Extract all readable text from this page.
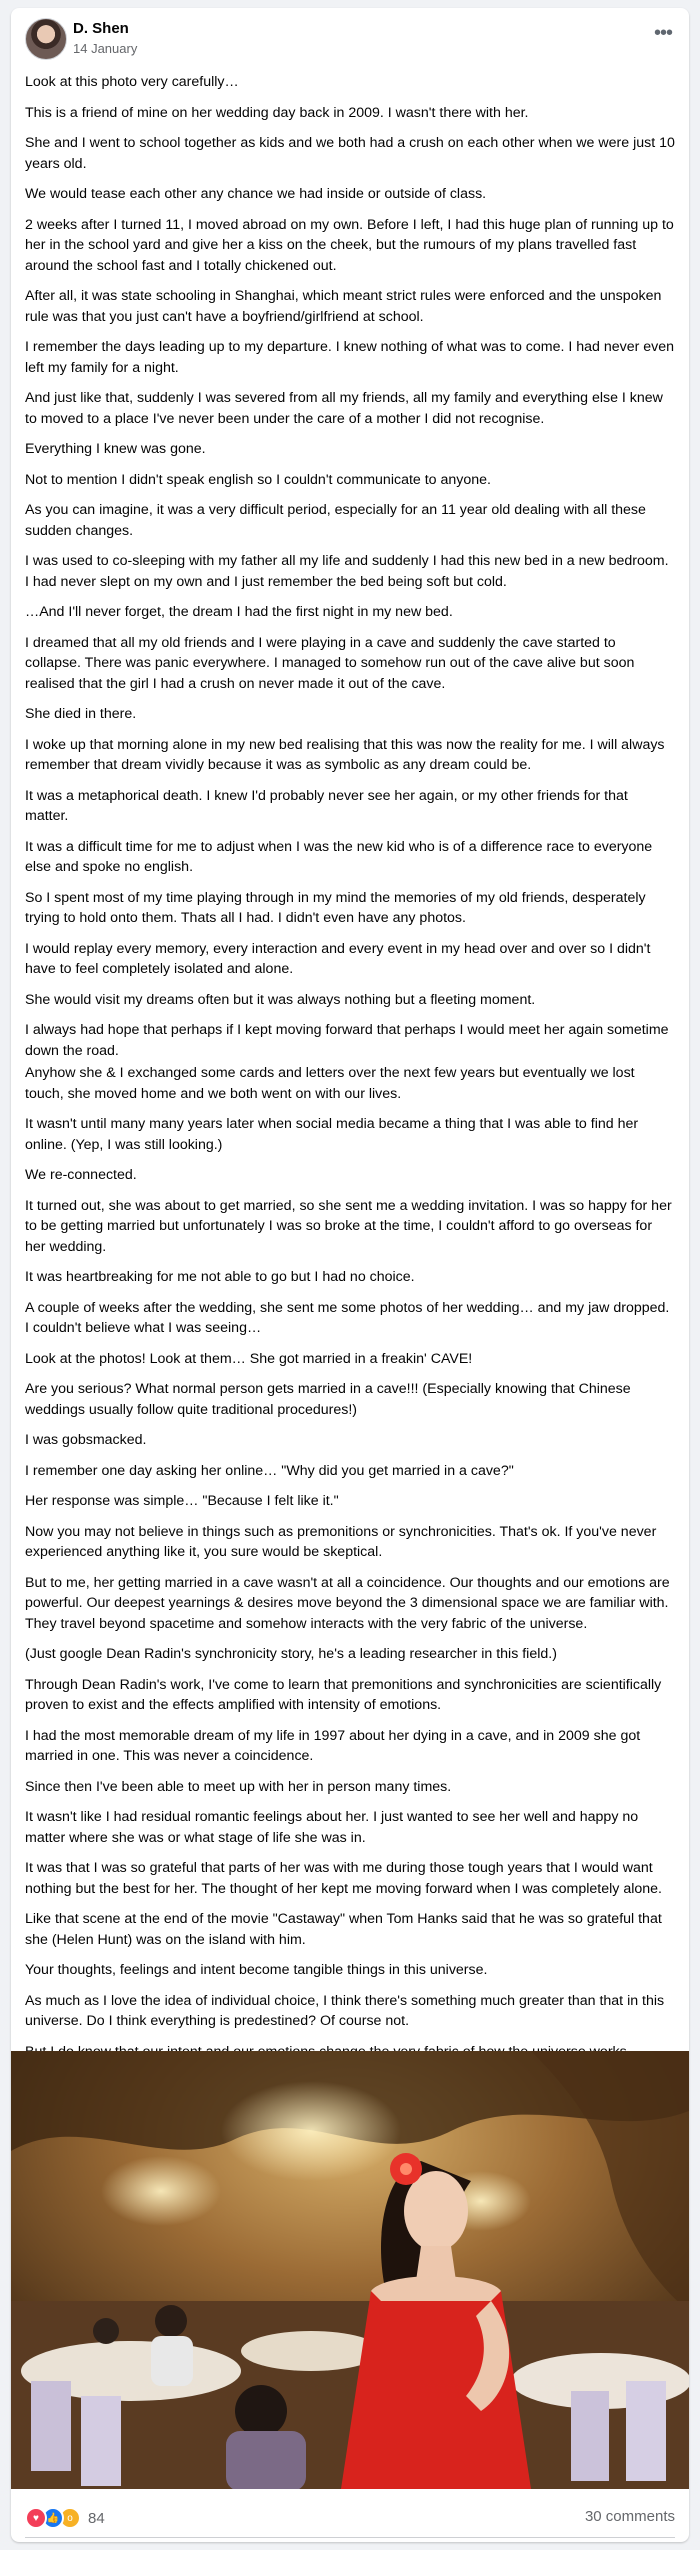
D. Shen
14 January
•••

Look at this photo very carefully…

This is a friend of mine on her wedding day back in 2009. I wasn't there with her.

She and I went to school together as kids and we both had a crush on each other when we were just 10 years old.

We would tease each other any chance we had inside or outside of class.

2 weeks after I turned 11, I moved abroad on my own. Before I left, I had this huge plan of running up to her in the school yard and give her a kiss on the cheek, but the rumours of my plans travelled fast around the school fast and I totally chickened out.

After all, it was state schooling in Shanghai, which meant strict rules were enforced and the unspoken rule was that you just can't have a boyfriend/girlfriend at school.

I remember the days leading up to my departure. I knew nothing of what was to come. I had never even left my family for a night.

And just like that, suddenly I was severed from all my friends, all my family and everything else I knew to moved to a place I've never been under the care of a mother I did not recognise.

Everything I knew was gone.

Not to mention I didn't speak english so I couldn't communicate to anyone.

As you can imagine, it was a very difficult period, especially for an 11 year old dealing with all these sudden changes.

I was used to co-sleeping with my father all my life and suddenly I had this new bed in a new bedroom. I had never slept on my own and I just remember the bed being soft but cold.

…And I'll never forget, the dream I had the first night in my new bed.

I dreamed that all my old friends and I were playing in a cave and suddenly the cave started to collapse. There was panic everywhere. I managed to somehow run out of the cave alive but soon realised that the girl I had a crush on never made it out of the cave.

She died in there.

I woke up that morning alone in my new bed realising that this was now the reality for me. I will always remember that dream vividly because it was as symbolic as any dream could be.

It was a metaphorical death. I knew I'd probably never see her again, or my other friends for that matter.

It was a difficult time for me to adjust when I was the new kid who is of a difference race to everyone else and spoke no english.

So I spent most of my time playing through in my mind the memories of my old friends, desperately trying to hold onto them. Thats all I had. I didn't even have any photos.

I would replay every memory, every interaction and every event in my head over and over so I didn't have to feel completely isolated and alone.

She would visit my dreams often but it was always nothing but a fleeting moment.

I always had hope that perhaps if I kept moving forward that perhaps I would meet her again sometime down the road.

Anyhow she & I exchanged some cards and letters over the next few years but eventually we lost touch, she moved home and we both went on with our lives.

It wasn't until many many years later when social media became a thing that I was able to find her online. (Yep, I was still looking.)

We re-connected.

It turned out, she was about to get married, so she sent me a wedding invitation. I was so happy for her to be getting married but unfortunately I was so broke at the time, I couldn't afford to go overseas for her wedding.

It was heartbreaking for me not able to go but I had no choice.

A couple of weeks after the wedding, she sent me some photos of her wedding… and my jaw dropped. I couldn't believe what I was seeing…

Look at the photos! Look at them… She got married in a freakin' CAVE!

Are you serious? What normal person gets married in a cave!!! (Especially knowing that Chinese weddings usually follow quite traditional procedures!)

I was gobsmacked.

I remember one day asking her online… "Why did you get married in a cave?"

Her response was simple… "Because I felt like it."

Now you may not believe in things such as premonitions or synchronicities. That's ok. If you've never experienced anything like it, you sure would be skeptical.

But to me, her getting married in a cave wasn't at all a coincidence. Our thoughts and our emotions are powerful. Our deepest yearnings & desires move beyond the 3 dimensional space we are familiar with. They travel beyond spacetime and somehow interacts with the very fabric of the universe.

(Just google Dean Radin's synchronicity story, he's a leading researcher in this field.)

Through Dean Radin's work, I've come to learn that premonitions and synchronicities are scientifically proven to exist and the effects amplified with intensity of emotions.

I had the most memorable dream of my life in 1997 about her dying in a cave, and in 2009 she got married in one. This was never a coincidence.

Since then I've been able to meet up with her in person many times.

It wasn't like I had residual romantic feelings about her. I just wanted to see her well and happy no matter where she was or what stage of life she was in.

It was that I was so grateful that parts of her was with me during those tough years that I would want nothing but the best for her. The thought of her kept me moving forward when I was completely alone.

Like that scene at the end of the movie "Castaway" when Tom Hanks said that he was so grateful that she (Helen Hunt) was on the island with him.

Your thoughts, feelings and intent become tangible things in this universe.

As much as I love the idea of individual choice, I think there's something much greater than that in this universe. Do I think everything is predestined? Of course not.

♥ 👍 o	84	30 comments
